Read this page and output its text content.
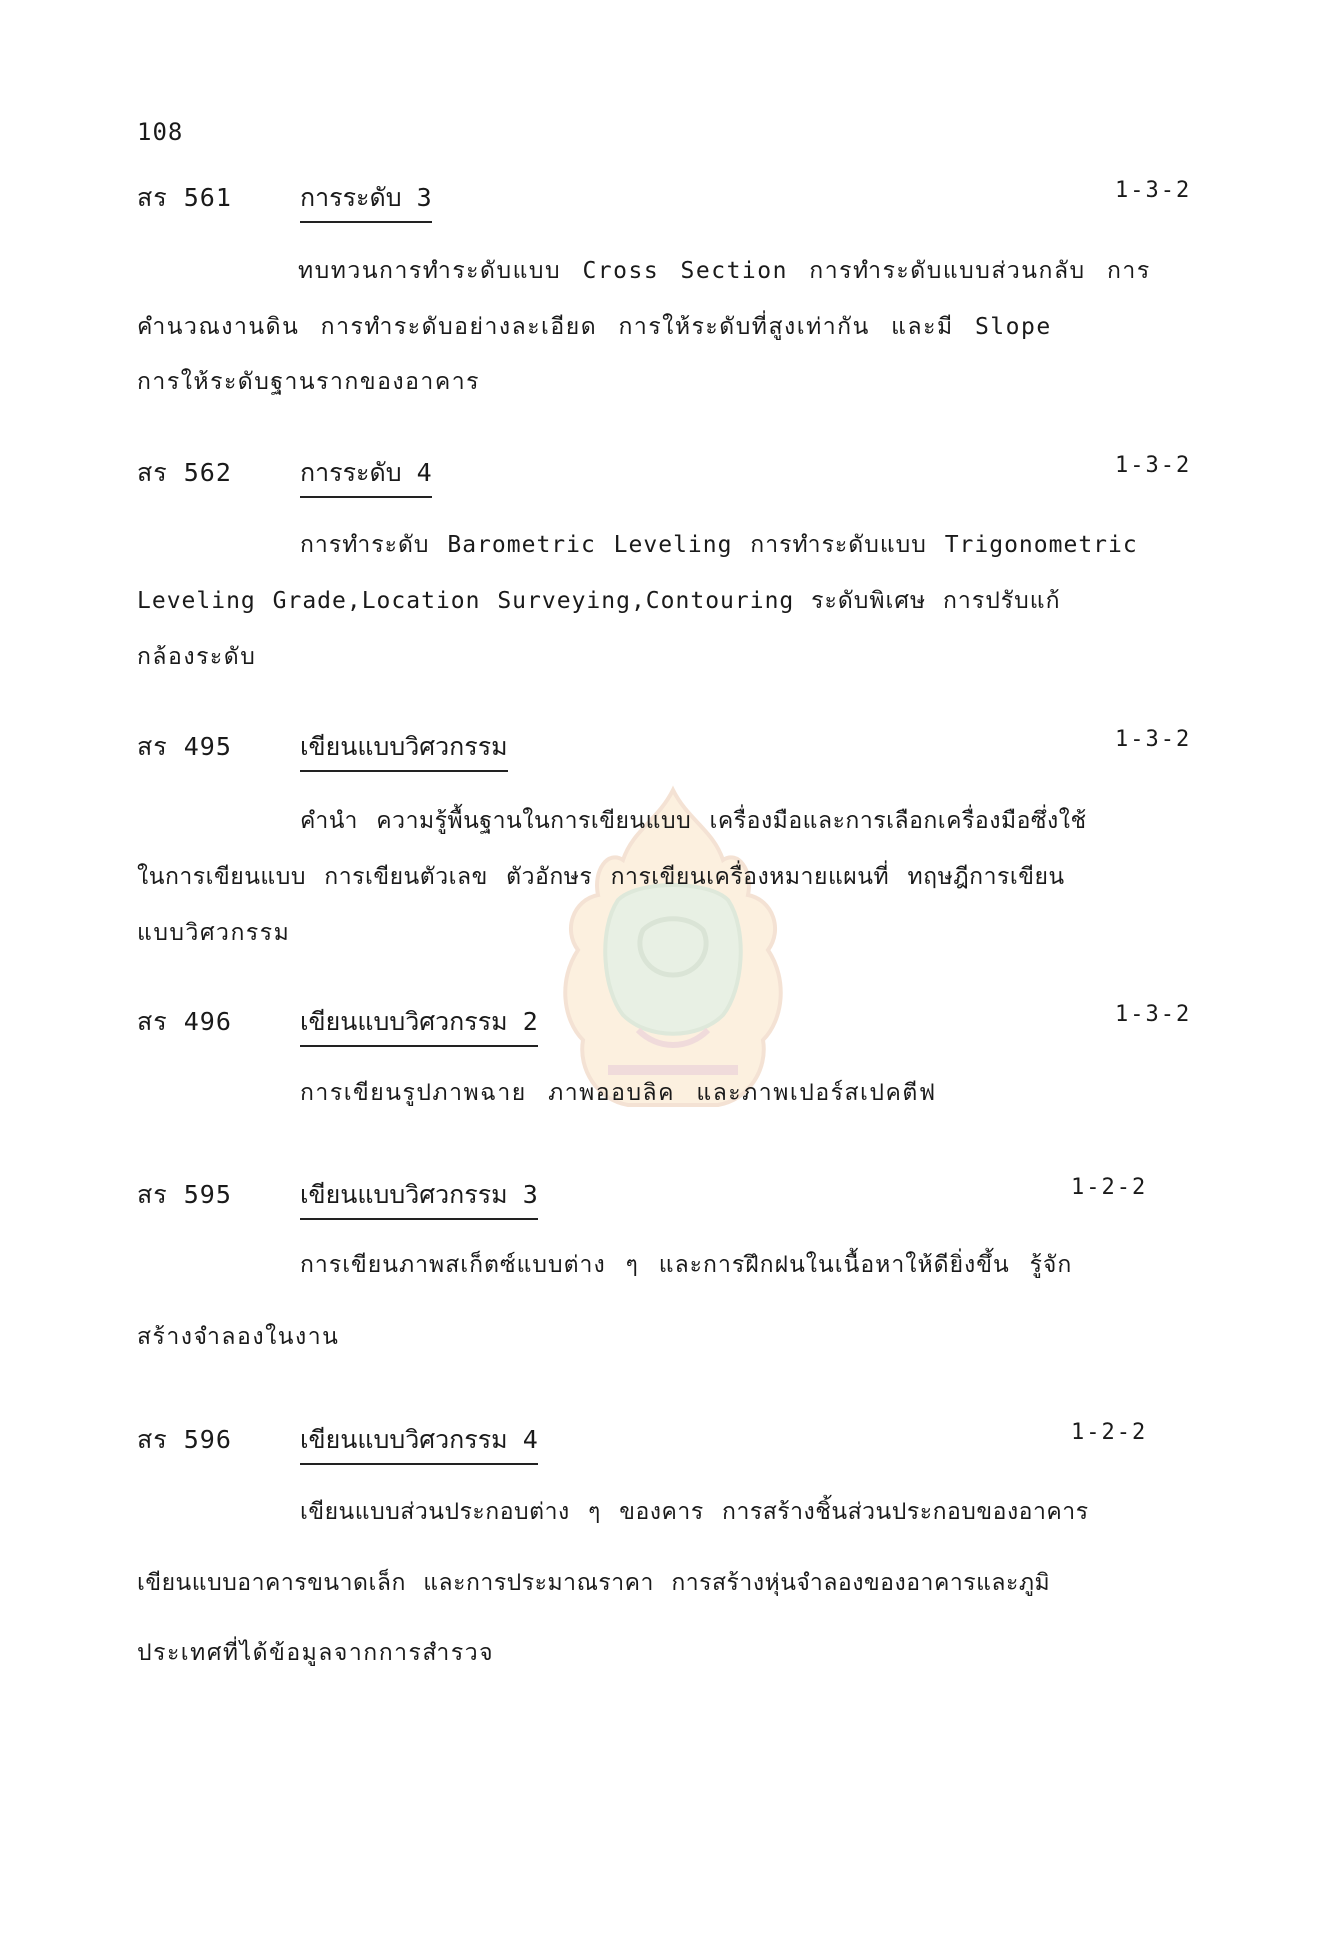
108
สร 561	การระดับ 3	1-3-2
ทบทวนการทำระดับแบบ Cross Section การทำระดับแบบส่วนกลับ การ
คำนวณงานดิน การทำระดับอย่างละเอียด การให้ระดับที่สูงเท่ากัน และมี Slope
การให้ระดับฐานรากของอาคาร
สร 562	การระดับ 4	1-3-2
การทำระดับ Barometric Leveling การทำระดับแบบ Trigonometric
Leveling Grade,Location Surveying,Contouring ระดับพิเศษ การปรับแก้
กล้องระดับ
สร 495	เขียนแบบวิศวกรรม	1-3-2
คำนำ ความรู้พื้นฐานในการเขียนแบบ เครื่องมือและการเลือกเครื่องมือซึ่งใช้
ในการเขียนแบบ การเขียนตัวเลข ตัวอักษร การเขียนเครื่องหมายแผนที่ ทฤษฎีการเขียน
แบบวิศวกรรม
สร 496	เขียนแบบวิศวกรรม 2	1-3-2
การเขียนรูปภาพฉาย ภาพออบลิค และภาพเปอร์สเปคตีฟ
สร 595	เขียนแบบวิศวกรรม 3	1-2-2
การเขียนภาพสเก็ตซ์แบบต่าง ๆ และการฝึกฝนในเนื้อหาให้ดียิ่งขึ้น รู้จัก
สร้างจำลองในงาน
สร 596	เขียนแบบวิศวกรรม 4	1-2-2
เขียนแบบส่วนประกอบต่าง ๆ ของคาร การสร้างชิ้นส่วนประกอบของอาคาร
เขียนแบบอาคารขนาดเล็ก และการประมาณราคา การสร้างหุ่นจำลองของอาคารและภูมิ
ประเทศที่ได้ข้อมูลจากการสำรวจ
